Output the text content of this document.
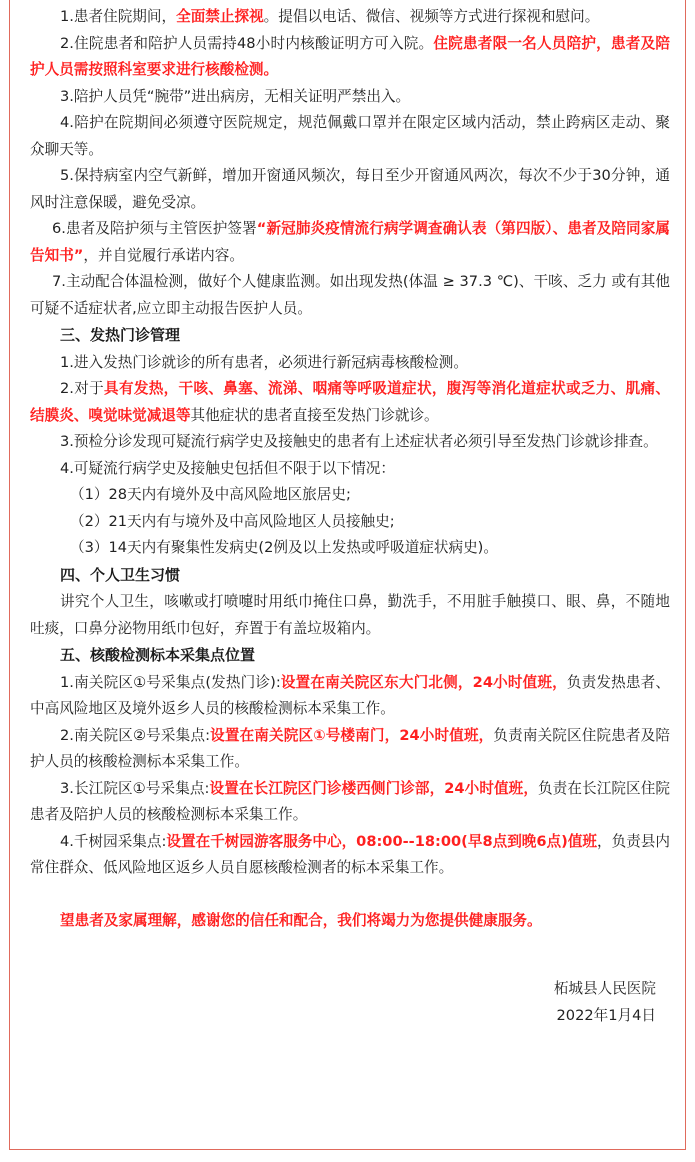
1.患者住院期间，全面禁止探视。提倡以电话、微信、视频等方式进行探视和慰问。

2.住院患者和陪护人员需持48小时内核酸证明方可入院。住院患者限一名人员陪护，患者及陪护人员需按照科室要求进行核酸检测。

3.陪护人员凭“腕带”进出病房，无相关证明严禁出入。

4.陪护在院期间必须遵守医院规定，规范佩戴口罩并在限定区域内活动，禁止跨病区走动、聚众聊天等。

5.保持病室内空气新鲜，增加开窗通风频次，每日至少开窗通风两次，每次不少于30分钟，通风时注意保暖，避免受凉。

6.患者及陪护须与主管医护签署“新冠肺炎疫情流行病学调查确认表（第四版）、患者及陪同家属告知书”，并自觉履行承诺内容。

7.主动配合体温检测，做好个人健康监测。如出现发热(体温 ≥ 37.3 ℃)、干咳、乏力 或有其他可疑不适症状者,应立即主动报告医护人员。

三、发热门诊管理

1.进入发热门诊就诊的所有患者，必须进行新冠病毒核酸检测。

2.对于具有发热，干咳、鼻塞、流涕、咽痛等呼吸道症状，腹泻等消化道症状或乏力、肌痛、结膜炎、嗅觉味觉减退等其他症状的患者直接至发热门诊就诊。

3.预检分诊发现可疑流行病学史及接触史的患者有上述症状者必须引导至发热门诊就诊排查。

4.可疑流行病学史及接触史包括但不限于以下情况：

（1）28天内有境外及中高风险地区旅居史;

（2）21天内有与境外及中高风险地区人员接触史;

（3）14天内有聚集性发病史(2例及以上发热或呼吸道症状病史)。

四、个人卫生习惯

讲究个人卫生，咳嗽或打喷嚏时用纸巾掩住口鼻，勤洗手，不用脏手触摸口、眼、鼻，不随地吐痰，口鼻分泌物用纸巾包好，弃置于有盖垃圾箱内。

五、核酸检测标本采集点位置

1.南关院区①号采集点(发热门诊):设置在南关院区东大门北侧，24小时值班，负责发热患者、中高风险地区及境外返乡人员的核酸检测标本采集工作。

2.南关院区②号采集点:设置在南关院区①号楼南门，24小时值班，负责南关院区住院患者及陪护人员的核酸检测标本采集工作。

3.长江院区①号采集点:设置在长江院区门诊楼西侧门诊部，24小时值班，负责在长江院区住院患者及陪护人员的核酸检测标本采集工作。

4.千树园采集点:设置在千树园游客服务中心，08:00--18:00(早8点到晚6点)值班，负责县内常住群众、低风险地区返乡人员自愿核酸检测者的标本采集工作。

望患者及家属理解，感谢您的信任和配合，我们将竭力为您提供健康服务。

柘城县人民医院

2022年1月4日
